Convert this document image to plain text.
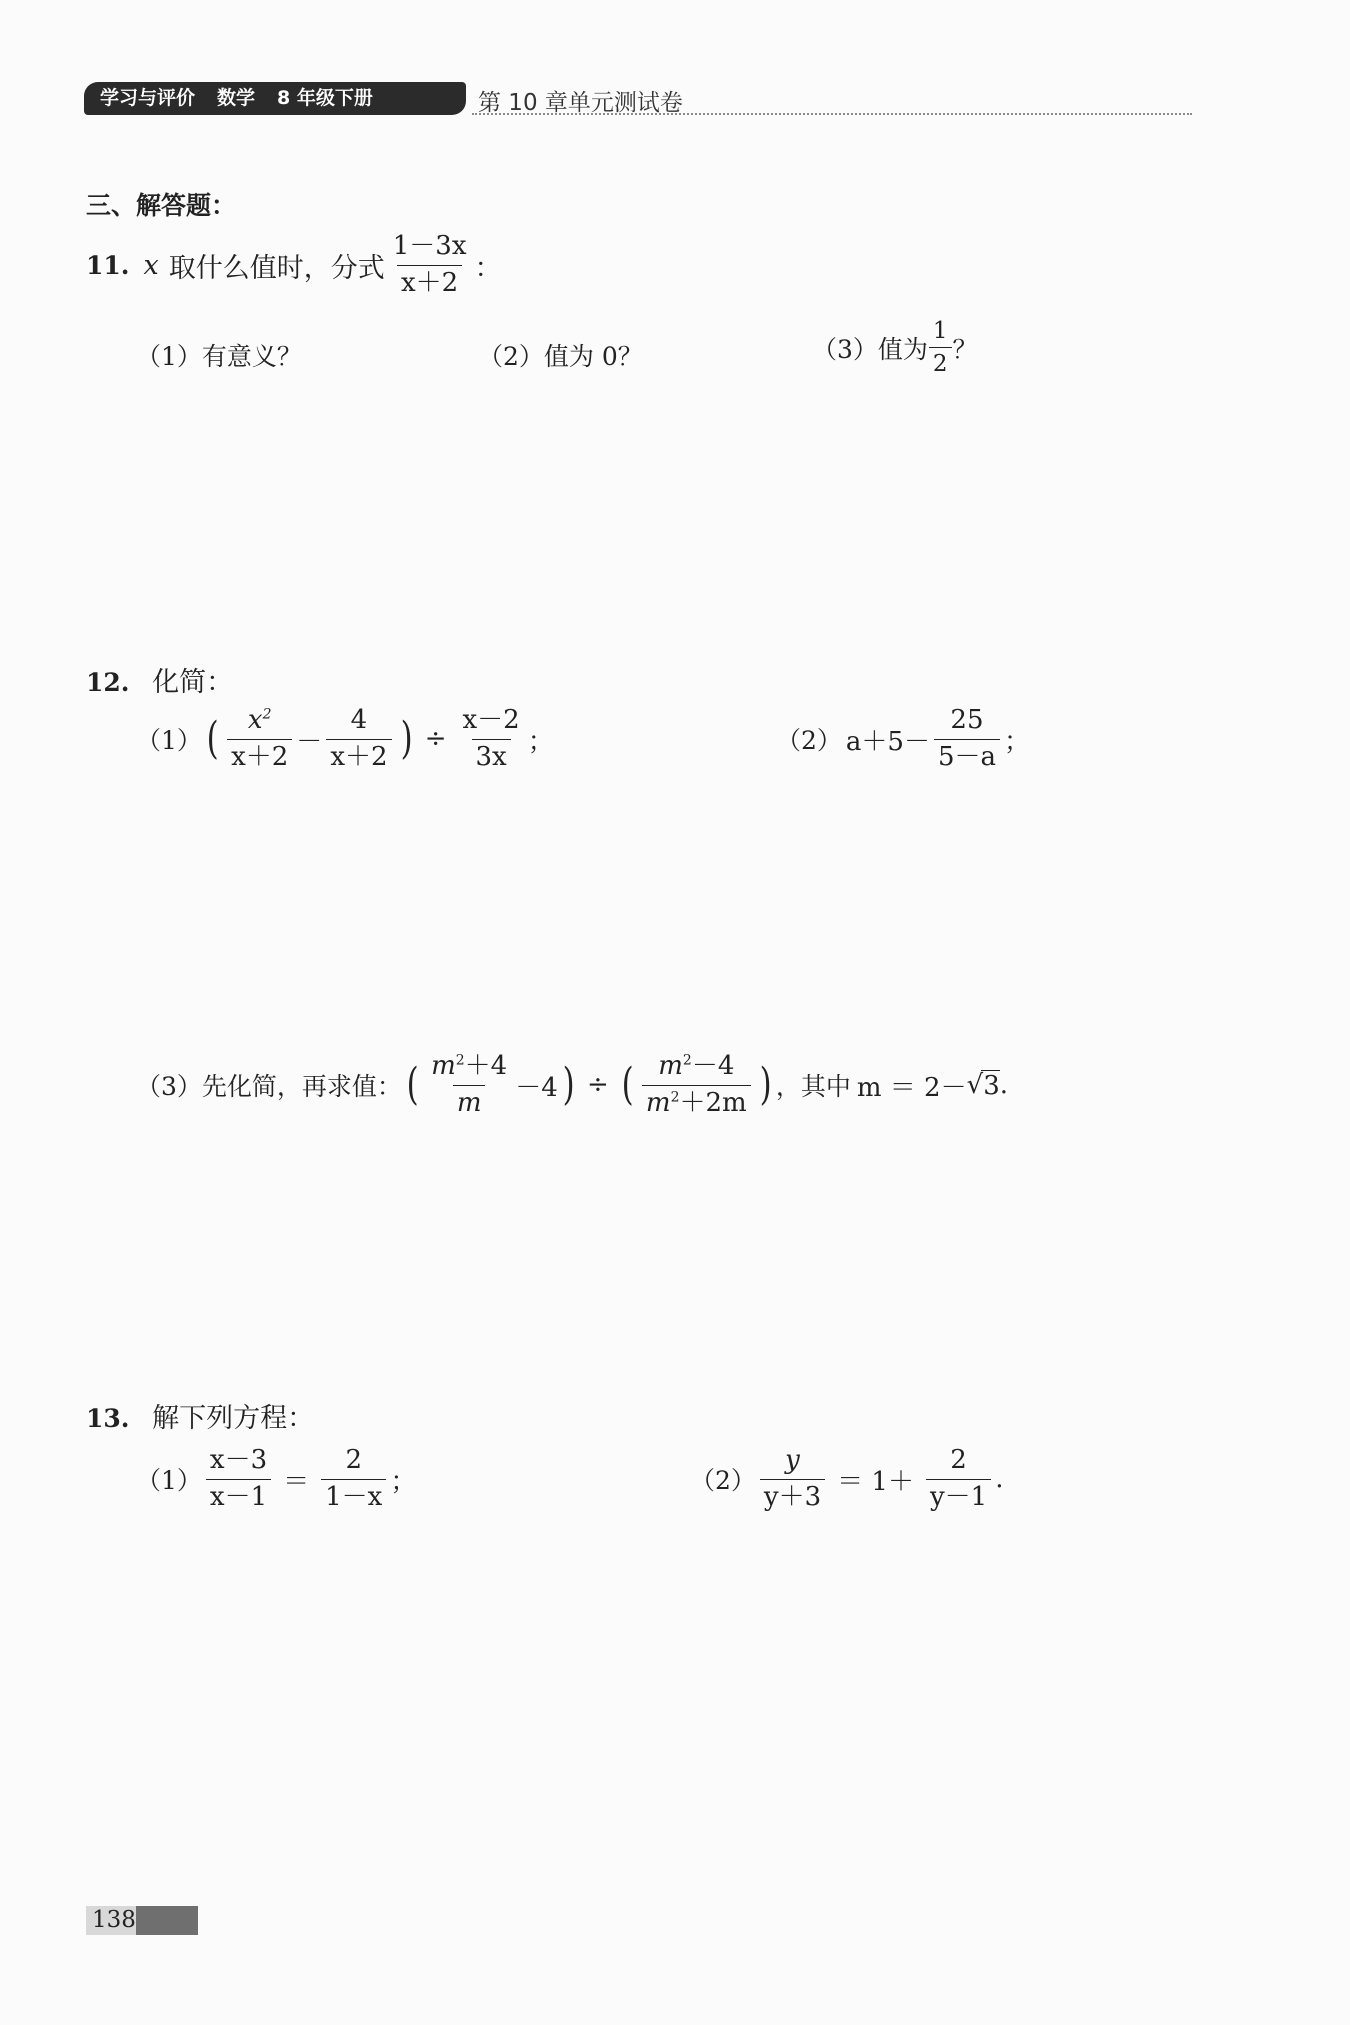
学习与评价 数学 8 年级下册	第 10 章单元测试卷
三、解答题：
11. x 取什么值时，分式 $\frac{1-3x}{x+2}$ ：
（1）有意义？	（2）值为 0？	（3）值为 $\frac{1}{2}$ ？
12. 化简：
（1） ( $\frac{x^2}{x+2} - \frac{4}{x+2}$ ) ÷ $\frac{x-2}{3x}$ ；	（2） $a+5- \frac{25}{5-a}$ ；
（3）先化简，再求值： ( $\frac{m^2+4}{m} -4$ ) ÷ ( $\frac{m^2-4}{m^2+2m}$ ) ，其中 m ＝ 2－ √ 3 .
13. 解下列方程：
$(1) \frac{x-3}{x-1} = \frac{2}{1-x}$ ；	$(2) \frac{y}{y+3} = 1+ \frac{2}{y-1}$ .
138
